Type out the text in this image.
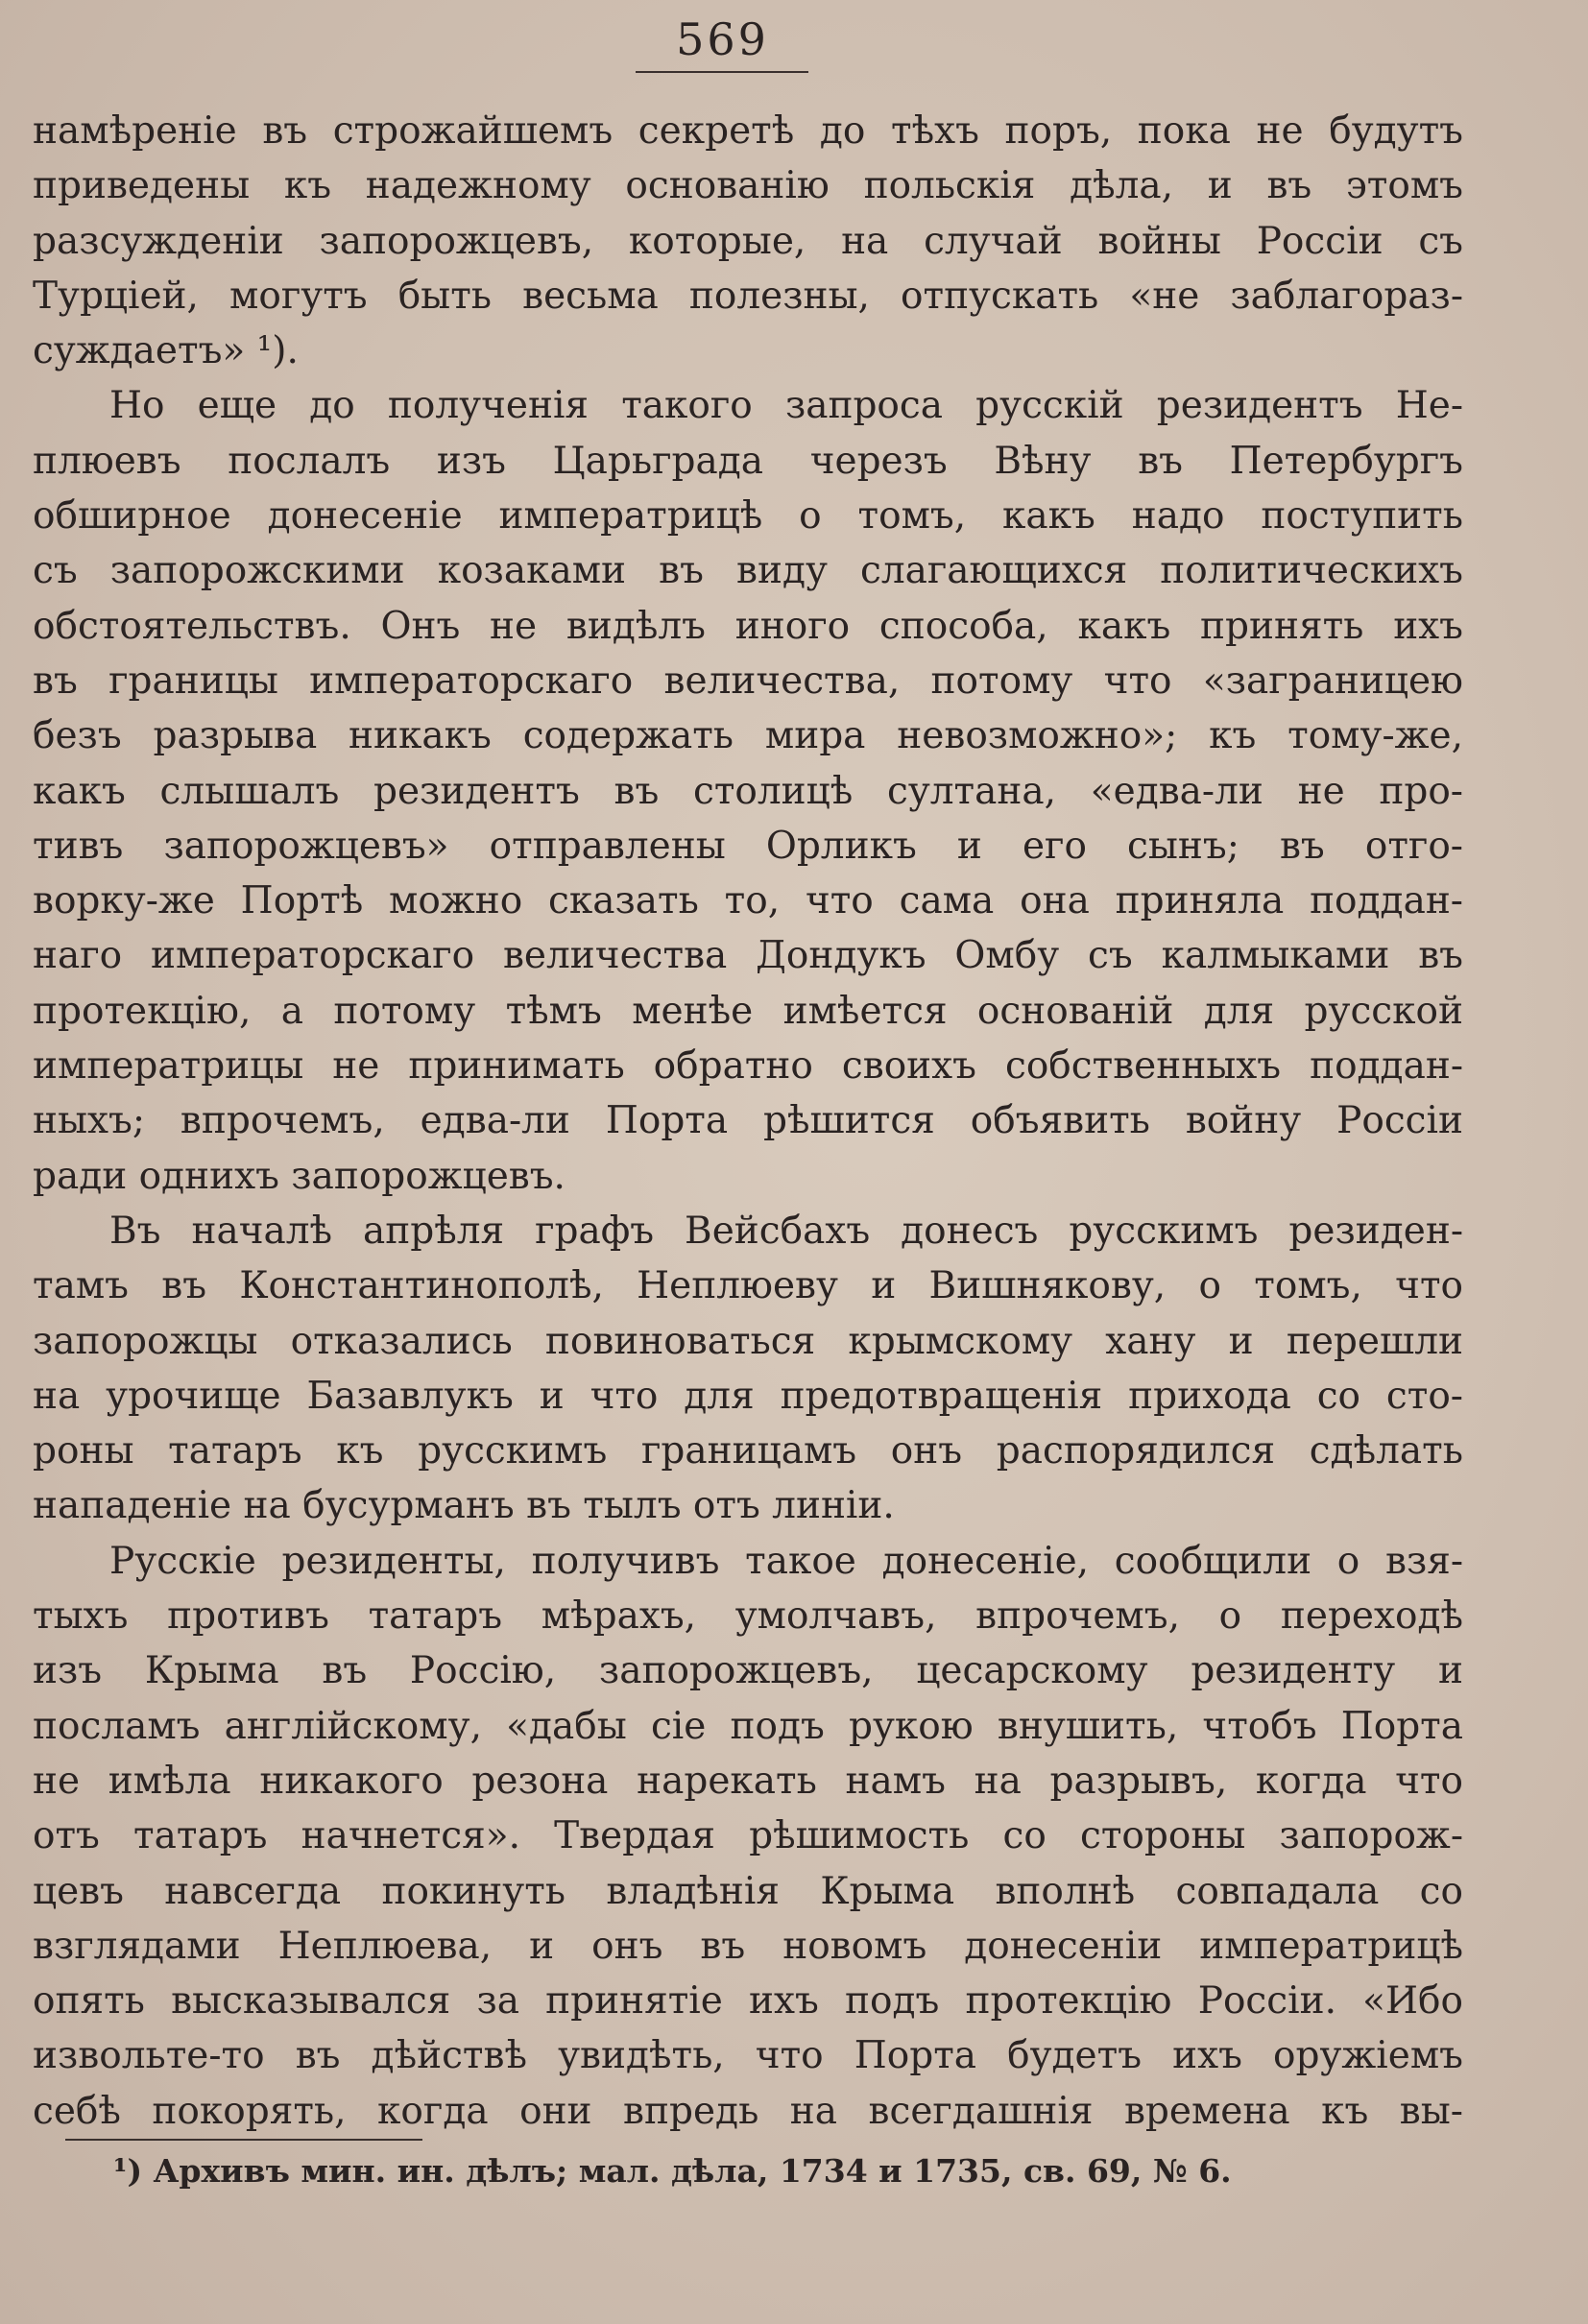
569
намѣреніе въ строжайшемъ секретѣ до тѣхъ поръ, пока не будутъ
приведены къ надежному основанію польскія дѣла, и въ этомъ
разсужденіи запорожцевъ, которые, на случай войны Россіи съ
Турціей, могутъ быть весьма полезны, отпускать «не заблагораз-
суждаетъ» ¹).
Но еще до полученія такого запроса русскій резидентъ Не-
плюевъ послалъ изъ Царьграда черезъ Вѣну въ Петербургъ
обширное донесеніе императрицѣ о томъ, какъ надо поступить
съ запорожскими козаками въ виду слагающихся политическихъ
обстоятельствъ. Онъ не видѣлъ иного способа, какъ принять ихъ
въ границы императорскаго величества, потому что «заграницею
безъ разрыва никакъ содержать мира невозможно»; къ тому-же,
какъ слышалъ резидентъ въ столицѣ султана, «едва-ли не про-
тивъ запорожцевъ» отправлены Орликъ и его сынъ; въ отго-
ворку-же Портѣ можно сказать то, что сама она приняла поддан-
наго императорскаго величества Дондукъ Омбу съ калмыками въ
протекцію, а потому тѣмъ менѣе имѣется основаній для русской
императрицы не принимать обратно своихъ собственныхъ поддан-
ныхъ; впрочемъ, едва-ли Порта рѣшится объявить войну Россіи
ради однихъ запорожцевъ.
Въ началѣ апрѣля графъ Вейсбахъ донесъ русскимъ резиден-
тамъ въ Константинополѣ, Неплюеву и Вишнякову, о томъ, что
запорожцы отказались повиноваться крымскому хану и перешли
на урочище Базавлукъ и что для предотвращенія прихода со сто-
роны татаръ къ русскимъ границамъ онъ распорядился сдѣлать
нападеніе на бусурманъ въ тылъ отъ линіи.
Русскіе резиденты, получивъ такое донесеніе, сообщили о взя-
тыхъ противъ татаръ мѣрахъ, умолчавъ, впрочемъ, о переходѣ
изъ Крыма въ Россію, запорожцевъ, цесарскому резиденту и
посламъ англійскому, «дабы сіе подъ рукою внушить, чтобъ Порта
не имѣла никакого резона нарекать намъ на разрывъ, когда что
отъ татаръ начнется». Твердая рѣшимость со стороны запорож-
цевъ навсегда покинуть владѣнія Крыма вполнѣ совпадала со
взглядами Неплюева, и онъ въ новомъ донесеніи императрицѣ
опять высказывался за принятіе ихъ подъ протекцію Россіи. «Ибо
извольте-то въ дѣйствѣ увидѣть, что Порта будетъ ихъ оружіемъ
себѣ покорять, когда они впредь на всегдашнія времена къ вы-
¹) Архивъ мин. ин. дѣлъ; мал. дѣла, 1734 и 1735, св. 69, № 6.
